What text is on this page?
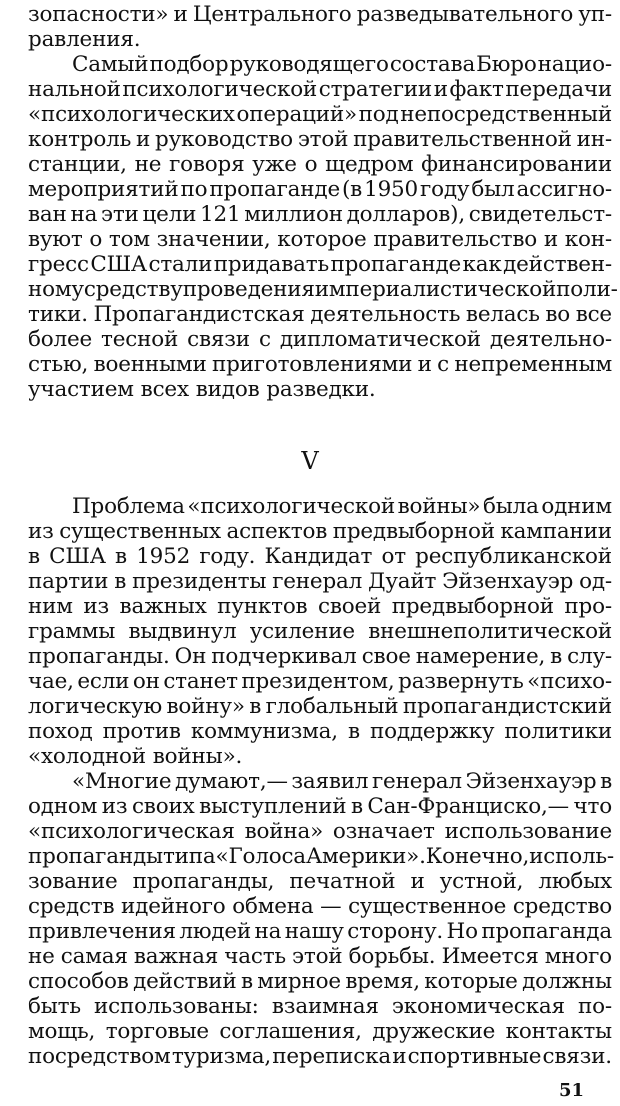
зопасности» и Центрального разведывательного уп-
равления.
Самый подбор руководящего состава Бюро нацио-
нальной психологической стратегии и факт передачи
«психологических операций» под непосредственный
контроль и руководство этой правительственной ин-
станции, не говоря уже о щедром финансировании
мероприятий по пропаганде (в 1950 году был ассигно-
ван на эти цели 121 миллион долларов), свидетельст-
вуют о том значении, которое правительство и кон-
гресс США стали придавать пропаганде как действен-
ному средству проведения империалистической поли-
тики. Пропагандистская деятельность велась во все
более тесной связи с дипломатической деятельно-
стью, военными приготовлениями и с непременным
участием всех видов разведки.
Проблема «психологической войны» была одним
из существенных аспектов предвыборной кампании
в США в 1952 году. Кандидат от республиканской
партии в президенты генерал Дуайт Эйзенхауэр од-
ним из важных пунктов своей предвыборной про-
граммы выдвинул усиление внешнеполитической
пропаганды. Он подчеркивал свое намерение, в слу-
чае, если он станет президентом, развернуть «психо-
логическую войну» в глобальный пропагандистский
поход против коммунизма, в поддержку политики
«холодной войны».
«Многие думают,— заявил генерал Эйзенхауэр в
одном из своих выступлений в Сан-Франциско,— что
«психологическая война» означает использование
пропаганды типа «Голоса Америки». Конечно, исполь-
зование пропаганды, печатной и устной, любых
средств идейного обмена — существенное средство
привлечения людей на нашу сторону. Но пропаганда
не самая важная часть этой борьбы. Имеется много
способов действий в мирное время, которые должны
быть использованы: взаимная экономическая по-
мощь, торговые соглашения, дружеские контакты
посредством туризма, переписка и спортивные связи.
V
51
